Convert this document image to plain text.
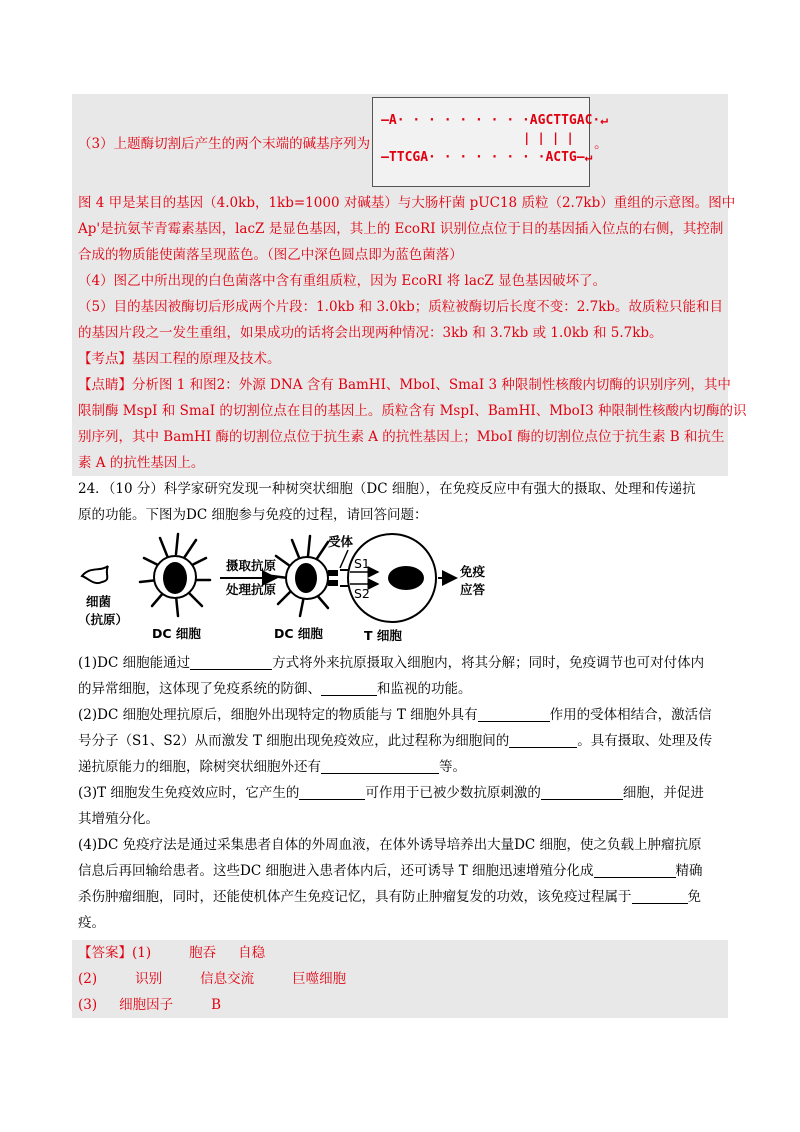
（3）上题酶切割后产生的两个末端的碱基序列为
—A· · · · · · · · ·AGCTTGAC·↵
| | | |
—TTCGA· · · · · · · ·ACTG—↵
。
图 4 甲是某目的基因（4.0kb，1kb=1000 对碱基）与大肠杆菌 pUC18 质粒（2.7kb）重组的示意图。图中
Ap'是抗氨苄青霉素基因，lacZ 是显色基因，其上的 EcoRI 识别位点位于目的基因插入位点的右侧，其控制
合成的物质能使菌落呈现蓝色。（图乙中深色圆点即为蓝色菌落）
（4）图乙中所出现的白色菌落中含有重组质粒，因为 EcoRI 将 lacZ 显色基因破坏了。
（5）目的基因被酶切后形成两个片段：1.0kb 和 3.0kb；质粒被酶切后长度不变：2.7kb。故质粒只能和目
的基因片段之一发生重组，如果成功的话将会出现两种情况：3kb 和 3.7kb 或 1.0kb 和 5.7kb。
【考点】基因工程的原理及技术。
【点睛】分析图 1 和图2：外源 DNA 含有 BamHI、MboI、SmaI 3 种限制性核酸内切酶的识别序列，其中
限制酶 MspI 和 SmaI 的切割位点在目的基因上。质粒含有 MspI、BamHI、MboI3 种限制性核酸内切酶的识
别序列，其中 BamHI 酶的切割位点位于抗生素 A 的抗性基因上；MboI 酶的切割位点位于抗生素 B 和抗生
素 A 的抗性基因上。
24．（10 分）科学家研究发现一种树突状细胞（DC 细胞），在免疫反应中有强大的摄取、处理和传递抗
原的功能。下图为DC 细胞参与免疫的过程，请回答问题：
细菌
（抗原）
DC 细胞
摄取抗原
处理抗原
DC 细胞
受体
S1
S2
T 细胞
免疫
应答
(1)DC 细胞能通过	方式将外来抗原摄取入细胞内，将其分解；同时，免疫调节也可对付体内
的异常细胞，这体现了免疫系统的防御、	和监视的功能。
(2)DC 细胞处理抗原后，细胞外出现特定的物质能与 T 细胞外具有	作用的受体相结合，激活信
号分子（S1、S2）从而激发 T 细胞出现免疫效应，此过程称为细胞间的	。具有摄取、处理及传
递抗原能力的细胞，除树突状细胞外还有	等。
(3)T 细胞发生免疫效应时，它产生的	可作用于已被少数抗原刺激的	细胞，并促进
其增殖分化。
(4)DC 免疫疗法是通过采集患者自体的外周血液，在体外诱导培养出大量DC 细胞，使之负载上肿瘤抗原
信息后再回输给患者。这些DC 细胞进入患者体内后，还可诱导 T 细胞迅速增殖分化成	精确
杀伤肿瘤细胞，同时，还能使机体产生免疫记忆，具有防止肿瘤复发的功效，该免疫过程属于	免
疫。
【答案】(1)	胞吞 自稳
(2)	识别	信息交流	巨噬细胞
(3) 细胞因子	B
